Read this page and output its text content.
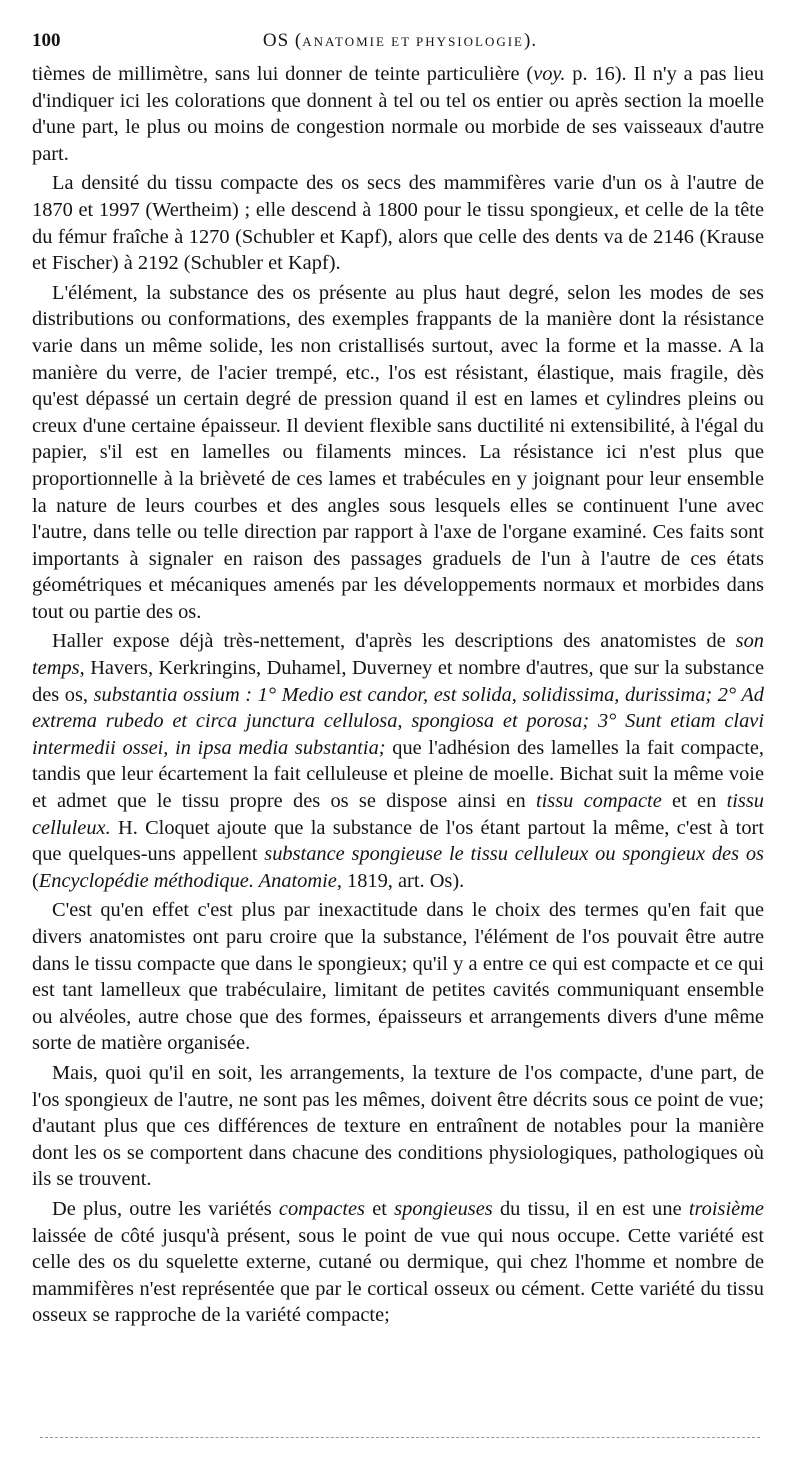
100	OS (ANATOMIE ET PHYSIOLOGIE).

tièmes de millimètre, sans lui donner de teinte particulière (voy. p. 16). Il n'y a pas lieu d'indiquer ici les colorations que donnent à tel ou tel os entier ou après section la moelle d'une part, le plus ou moins de congestion normale ou morbide de ses vaisseaux d'autre part.

La densité du tissu compacte des os secs des mammifères varie d'un os à l'autre de 1870 et 1997 (Wertheim) ; elle descend à 1800 pour le tissu spongieux, et celle de la tête du fémur fraîche à 1270 (Schubler et Kapf), alors que celle des dents va de 2146 (Krause et Fischer) à 2192 (Schubler et Kapf).

L'élément, la substance des os présente au plus haut degré, selon les modes de ses distributions ou conformations, des exemples frappants de la manière dont la résistance varie dans un même solide, les non cristallisés surtout, avec la forme et la masse. A la manière du verre, de l'acier trempé, etc., l'os est résistant, élastique, mais fragile, dès qu'est dépassé un certain degré de pression quand il est en lames et cylindres pleins ou creux d'une certaine épaisseur. Il devient flexible sans ductilité ni extensibilité, à l'égal du papier, s'il est en lamelles ou filaments minces. La résistance ici n'est plus que proportionnelle à la brièveté de ces lames et trabécules en y joignant pour leur ensemble la nature de leurs courbes et des angles sous lesquels elles se continuent l'une avec l'autre, dans telle ou telle direction par rapport à l'axe de l'organe examiné. Ces faits sont importants à signaler en raison des passages graduels de l'un à l'autre de ces états géométriques et mécaniques amenés par les développements normaux et morbides dans tout ou partie des os.

Haller expose déjà très-nettement, d'après les descriptions des anatomistes de son temps, Havers, Kerkringins, Duhamel, Duverney et nombre d'autres, que sur la substance des os, substantia ossium : 1° Medio est candor, est solida, solidissima, durissima; 2° Ad extrema rubedo et circa junctura cellulosa, spongiosa et porosa; 3° Sunt etiam clavi intermedii ossei, in ipsa media substantia; que l'adhésion des lamelles la fait compacte, tandis que leur écartement la fait celluleuse et pleine de moelle. Bichat suit la même voie et admet que le tissu propre des os se dispose ainsi en tissu compacte et en tissu celluleux. H. Cloquet ajoute que la substance de l'os étant partout la même, c'est à tort que quelques-uns appellent substance spongieuse le tissu celluleux ou spongieux des os (Encyclopédie méthodique. Anatomie, 1819, art. Os).

C'est qu'en effet c'est plus par inexactitude dans le choix des termes qu'en fait que divers anatomistes ont paru croire que la substance, l'élément de l'os pouvait être autre dans le tissu compacte que dans le spongieux; qu'il y a entre ce qui est compacte et ce qui est tant lamelleux que trabéculaire, limitant de petites cavités communiquant ensemble ou alvéoles, autre chose que des formes, épaisseurs et arrangements divers d'une même sorte de matière organisée.

Mais, quoi qu'il en soit, les arrangements, la texture de l'os compacte, d'une part, de l'os spongieux de l'autre, ne sont pas les mêmes, doivent être décrits sous ce point de vue; d'autant plus que ces différences de texture en entraînent de notables pour la manière dont les os se comportent dans chacune des conditions physiologiques, pathologiques où ils se trouvent.

De plus, outre les variétés compactes et spongieuses du tissu, il en est une troisième laissée de côté jusqu'à présent, sous le point de vue qui nous occupe. Cette variété est celle des os du squelette externe, cutané ou dermique, qui chez l'homme et nombre de mammifères n'est représentée que par le cortical osseux ou cément. Cette variété du tissu osseux se rapproche de la variété compacte;
